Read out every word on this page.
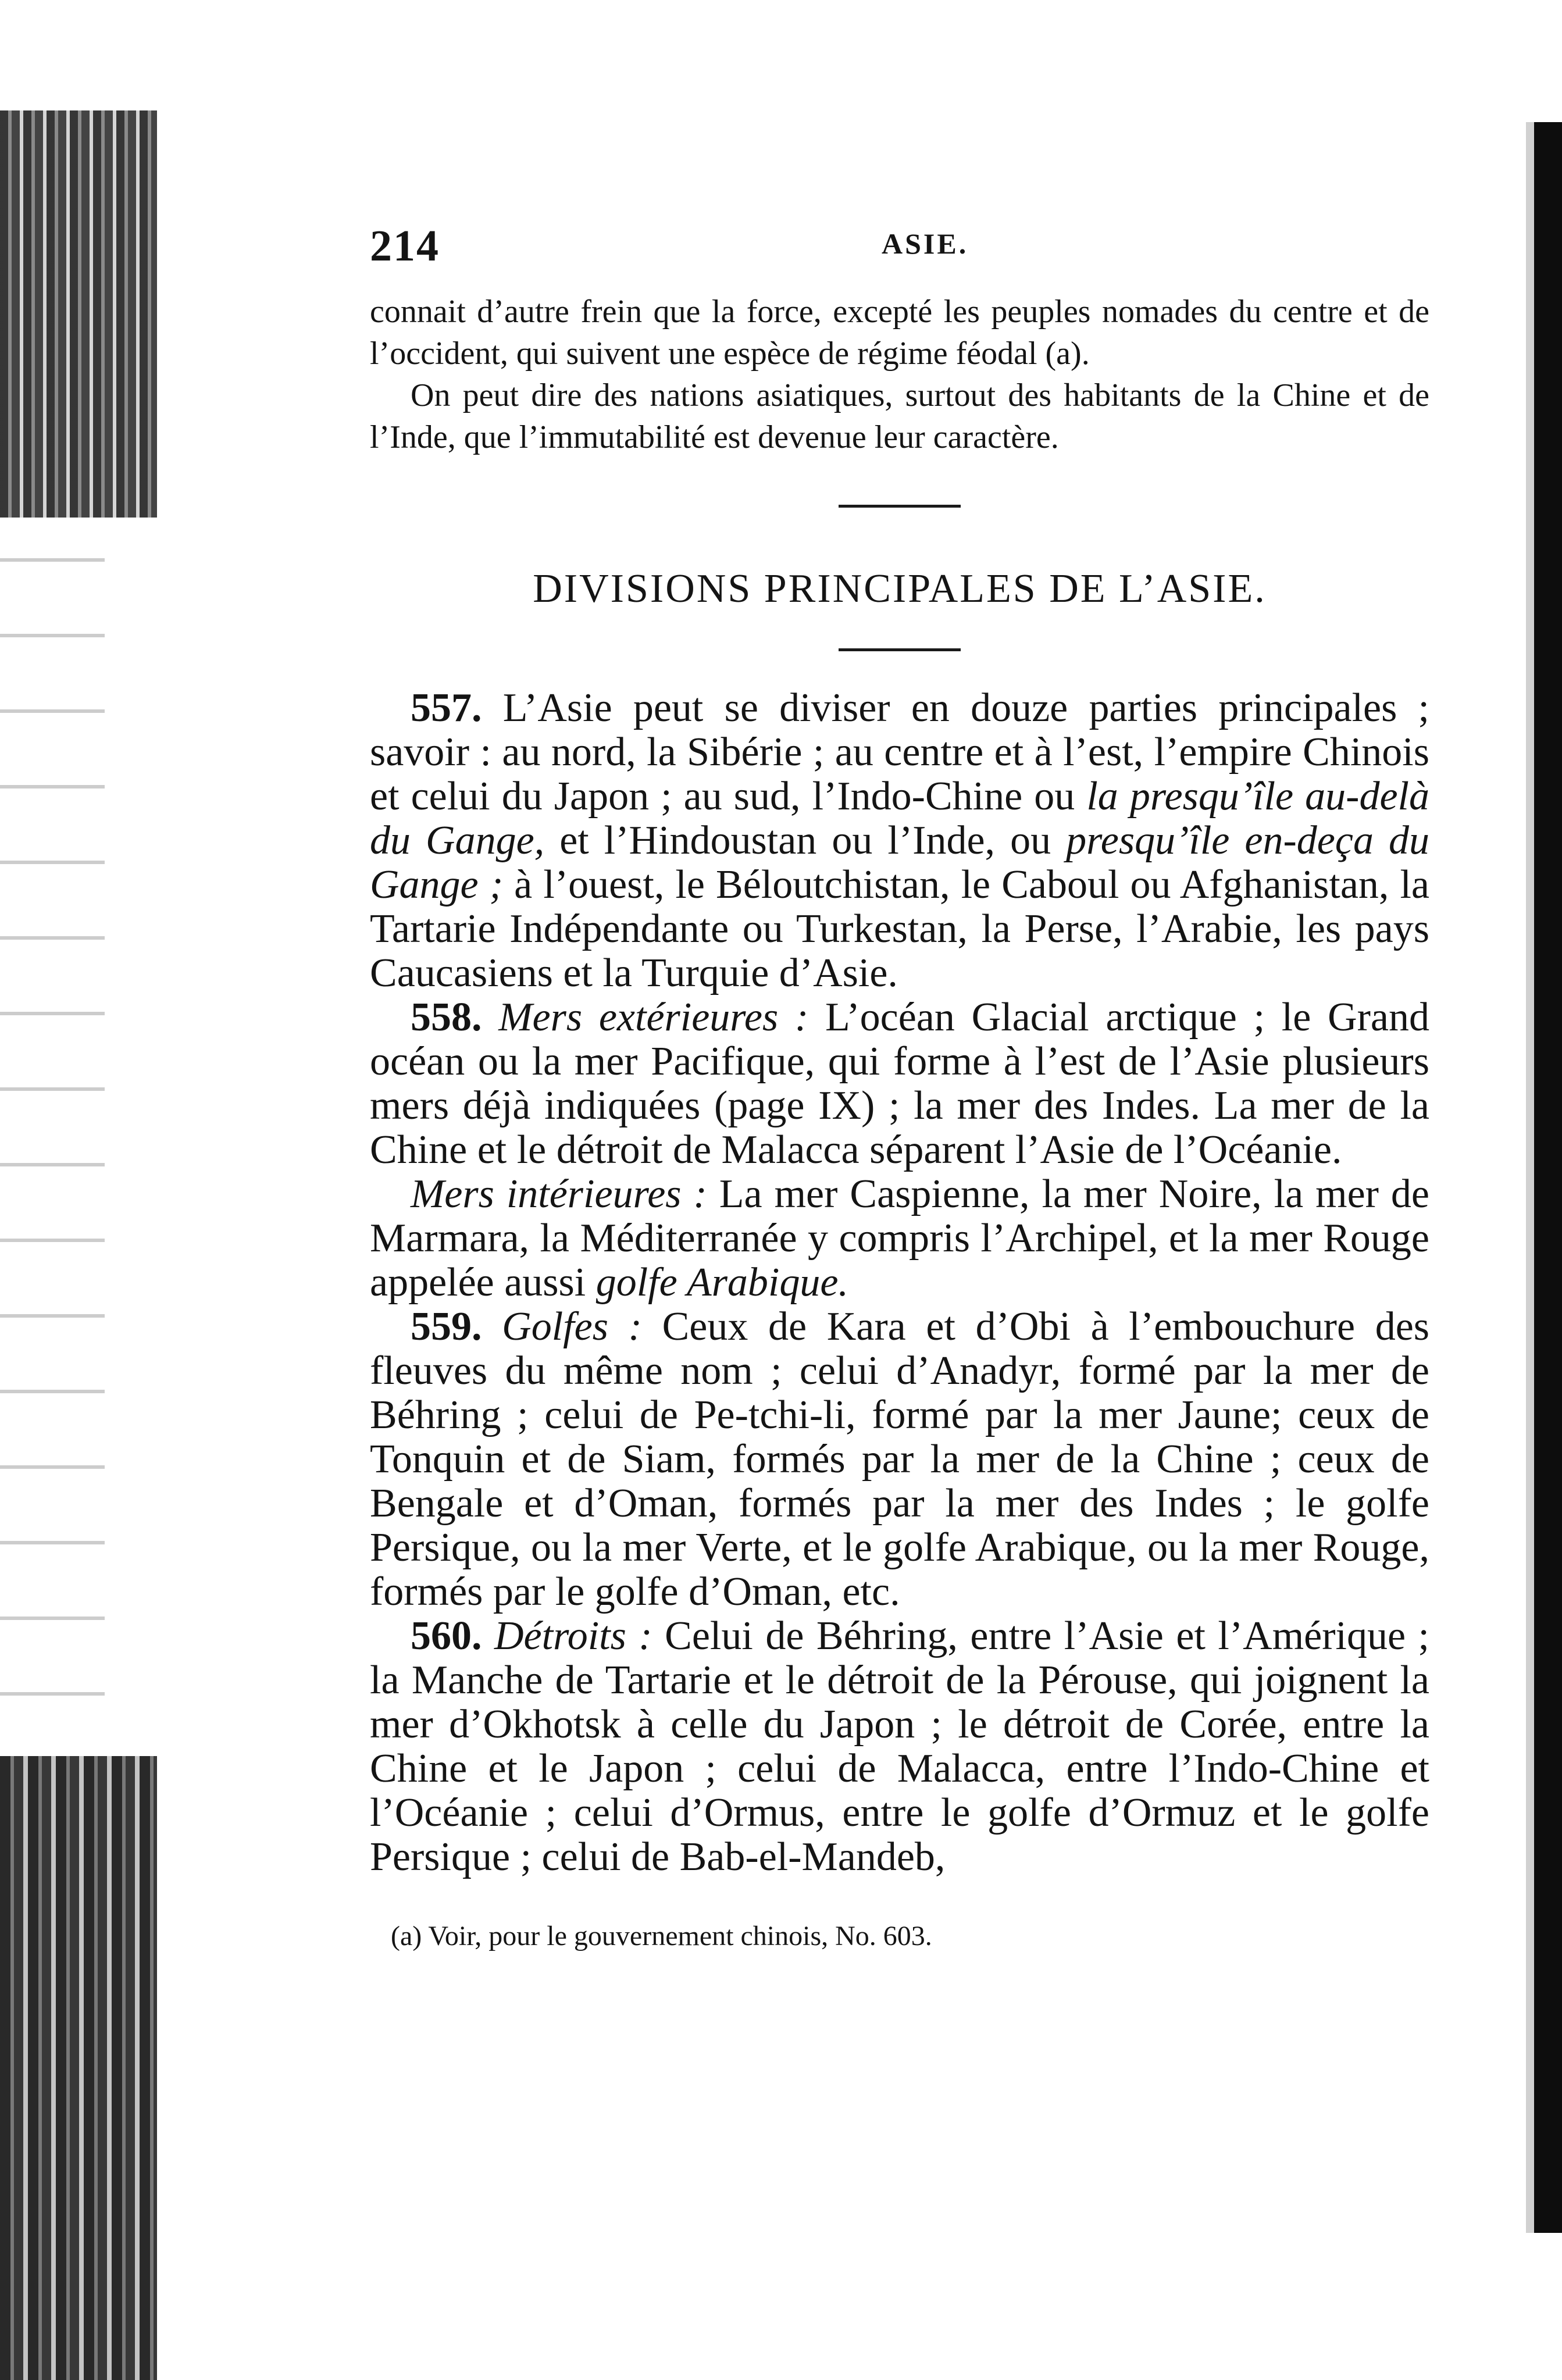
214	ASIE.

connait d’autre frein que la force, excepté les peuples nomades du centre et de l’occident, qui suivent une espèce de régime féodal (a).

On peut dire des nations asiatiques, surtout des habitants de la Chine et de l’Inde, que l’immutabilité est devenue leur caractère.

DIVISIONS PRINCIPALES DE L’ASIE.

557. L’Asie peut se diviser en douze parties principales ; savoir : au nord, la Sibérie ; au centre et à l’est, l’empire Chinois et celui du Japon ; au sud, l’Indo-Chine ou la presqu’île au-delà du Gange, et l’Hindoustan ou l’Inde, ou presqu’île en-deça du Gange ; à l’ouest, le Béloutchistan, le Caboul ou Afghanistan, la Tartarie Indépendante ou Turkestan, la Perse, l’Arabie, les pays Caucasiens et la Turquie d’Asie.

558. Mers extérieures : L’océan Glacial arctique ; le Grand océan ou la mer Pacifique, qui forme à l’est de l’Asie plusieurs mers déjà indiquées (page IX) ; la mer des Indes. La mer de la Chine et le détroit de Malacca séparent l’Asie de l’Océanie.

Mers intérieures : La mer Caspienne, la mer Noire, la mer de Marmara, la Méditerranée y compris l’Archipel, et la mer Rouge appelée aussi golfe Arabique.

559. Golfes : Ceux de Kara et d’Obi à l’embouchure des fleuves du même nom ; celui d’Anadyr, formé par la mer de Béhring ; celui de Pe-tchi-li, formé par la mer Jaune; ceux de Tonquin et de Siam, formés par la mer de la Chine ; ceux de Bengale et d’Oman, formés par la mer des Indes ; le golfe Persique, ou la mer Verte, et le golfe Arabique, ou la mer Rouge, formés par le golfe d’Oman, etc.

560. Détroits : Celui de Béhring, entre l’Asie et l’Amérique ; la Manche de Tartarie et le détroit de la Pérouse, qui joignent la mer d’Okhotsk à celle du Japon ; le détroit de Corée, entre la Chine et le Japon ; celui de Malacca, entre l’Indo-Chine et l’Océanie ; celui d’Ormus, entre le golfe d’Ormuz et le golfe Persique ; celui de Bab-el-Mandeb,

(a) Voir, pour le gouvernement chinois, No. 603.
